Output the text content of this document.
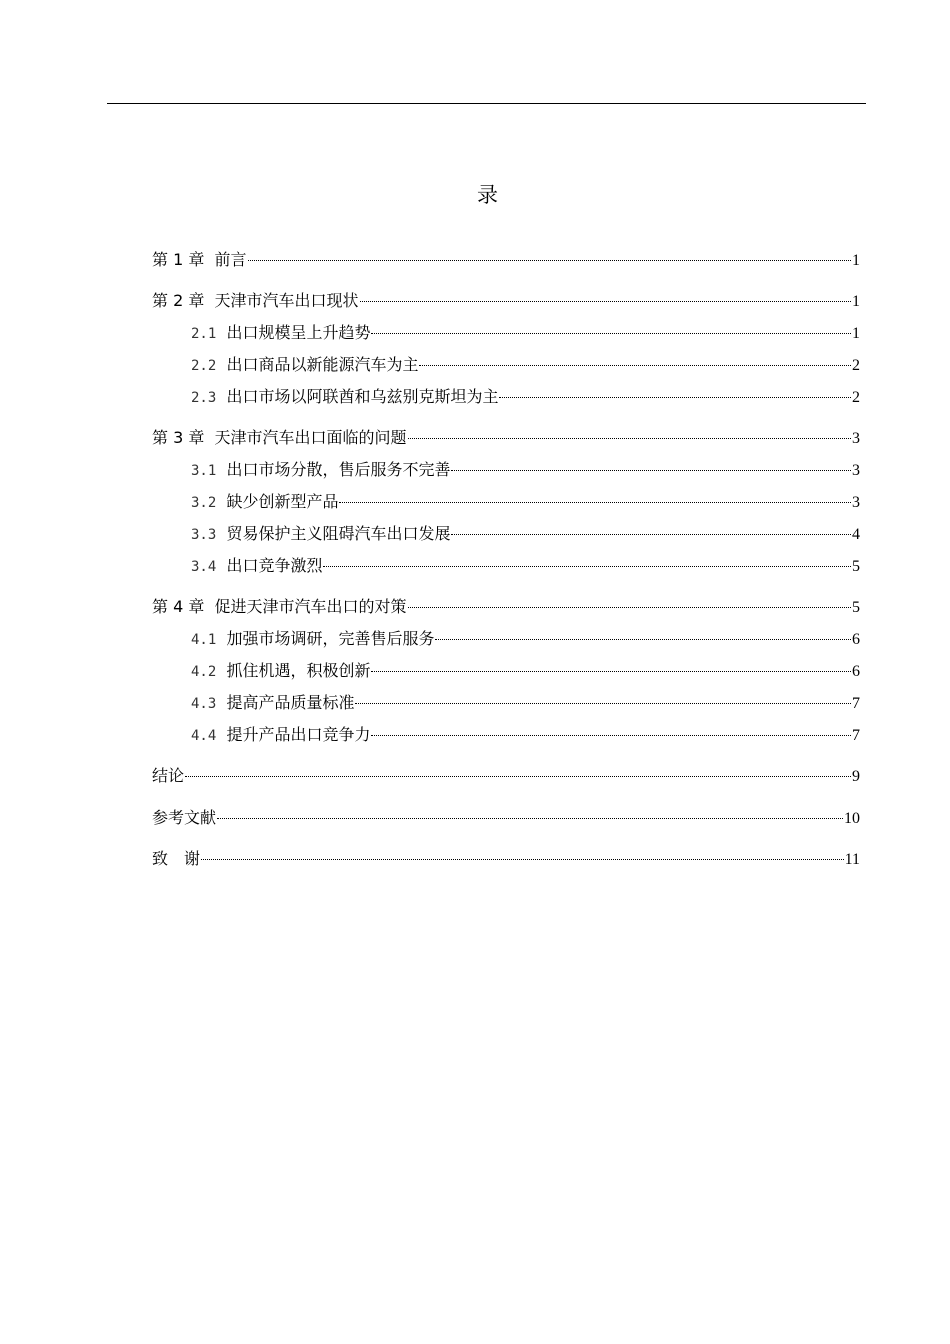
录
第 1 章 前言	1
第 2 章 天津市汽车出口现状	1
2.1 出口规模呈上升趋势	1
2.2 出口商品以新能源汽车为主	2
2.3 出口市场以阿联酋和乌兹别克斯坦为主	2
第 3 章 天津市汽车出口面临的问题	3
3.1 出口市场分散，售后服务不完善	3
3.2 缺少创新型产品	3
3.3 贸易保护主义阻碍汽车出口发展	4
3.4 出口竞争激烈	5
第 4 章 促进天津市汽车出口的对策	5
4.1 加强市场调研，完善售后服务	6
4.2 抓住机遇，积极创新	6
4.3 提高产品质量标准	7
4.4 提升产品出口竞争力	7
结论	9
参考文献	10
致　谢	11
